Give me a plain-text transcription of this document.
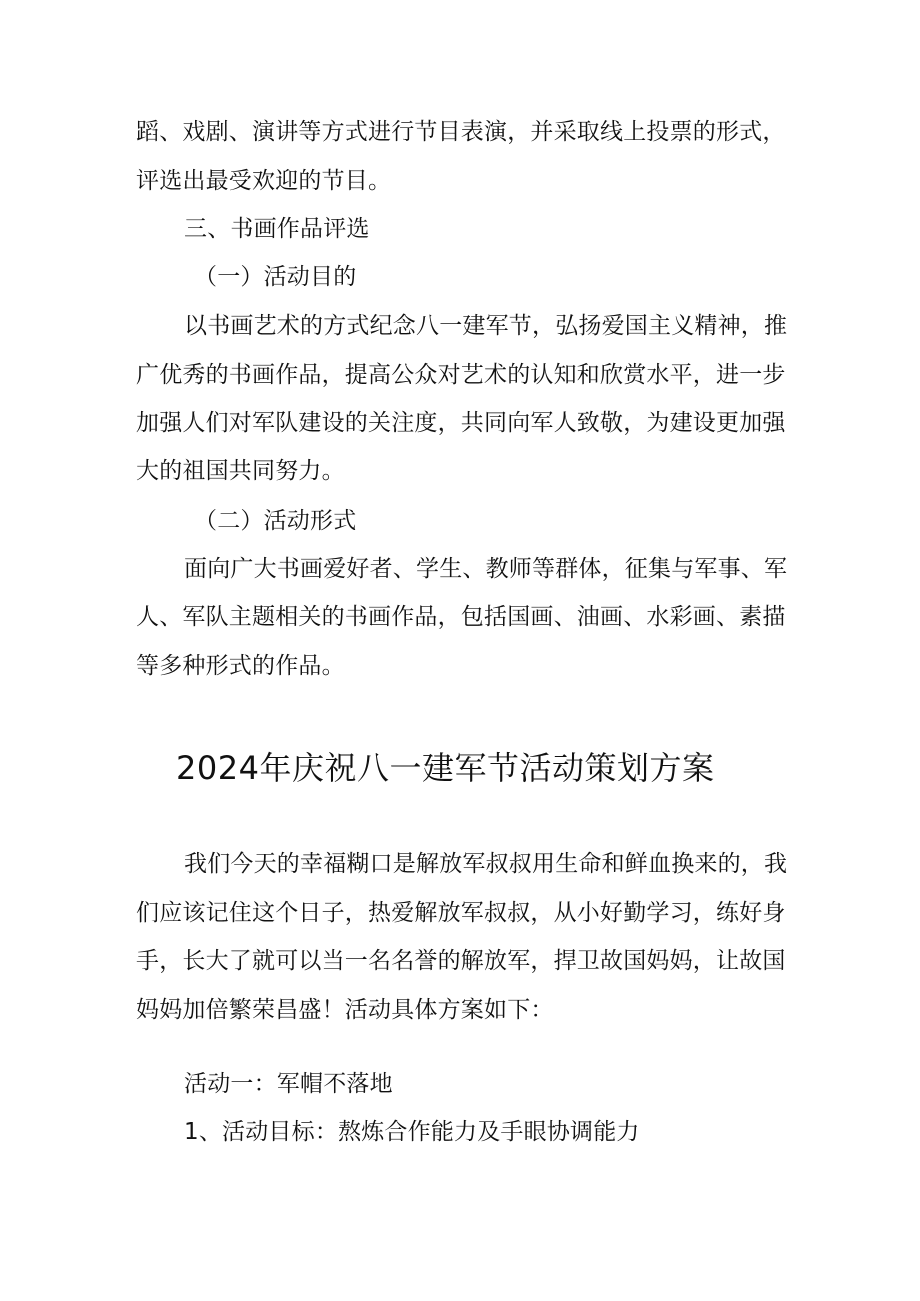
蹈、戏剧、演讲等方式进行节目表演，并采取线上投票的形式，
评选出最受欢迎的节目。
三、书画作品评选
（一）活动目的
以书画艺术的方式纪念八一建军节，弘扬爱国主义精神，推
广优秀的书画作品，提高公众对艺术的认知和欣赏水平，进一步
加强人们对军队建设的关注度，共同向军人致敬，为建设更加强
大的祖国共同努力。
（二）活动形式
面向广大书画爱好者、学生、教师等群体，征集与军事、军
人、军队主题相关的书画作品，包括国画、油画、水彩画、素描
等多种形式的作品。
2024年庆祝八一建军节活动策划方案
我们今天的幸福糊口是解放军叔叔用生命和鲜血换来的，我
们应该记住这个日子，热爱解放军叔叔，从小好勤学习，练好身
手，长大了就可以当一名名誉的解放军，捍卫故国妈妈，让故国
妈妈加倍繁荣昌盛！活动具体方案如下：
活动一：军帽不落地
1、活动目标：熬炼合作能力及手眼协调能力
